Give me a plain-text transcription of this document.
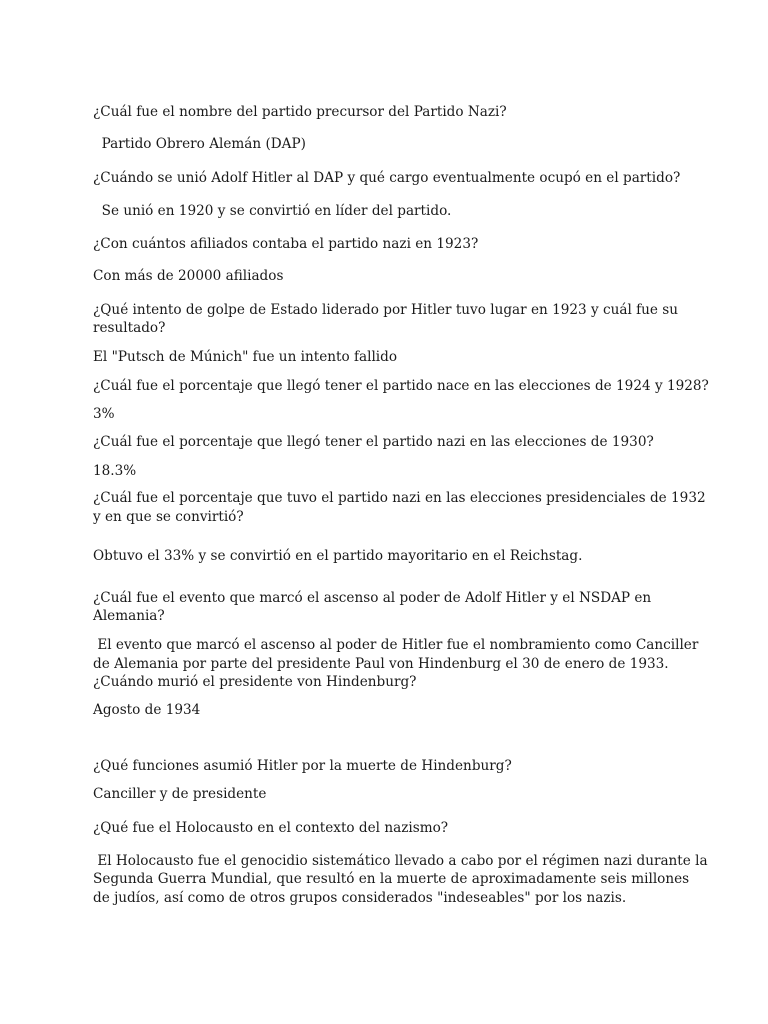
¿Cuál fue el nombre del partido precursor del Partido Nazi?
Partido Obrero Alemán (DAP)
¿Cuándo se unió Adolf Hitler al DAP y qué cargo eventualmente ocupó en el partido?
Se unió en 1920 y se convirtió en líder del partido.
¿Con cuántos afiliados contaba el partido nazi en 1923?
Con más de 20000 afiliados
¿Qué intento de golpe de Estado liderado por Hitler tuvo lugar en 1923 y cuál fue su
resultado?
El "Putsch de Múnich" fue un intento fallido
¿Cuál fue el porcentaje que llegó tener el partido nace en las elecciones de 1924 y 1928?
3%
¿Cuál fue el porcentaje que llegó tener el partido nazi en las elecciones de 1930?
18.3%
¿Cuál fue el porcentaje que tuvo el partido nazi en las elecciones presidenciales de 1932
y en que se convirtió?
Obtuvo el 33% y se convirtió en el partido mayoritario en el Reichstag.
¿Cuál fue el evento que marcó el ascenso al poder de Adolf Hitler y el NSDAP en
Alemania?
El evento que marcó el ascenso al poder de Hitler fue el nombramiento como Canciller
de Alemania por parte del presidente Paul von Hindenburg el 30 de enero de 1933.
¿Cuándo murió el presidente von Hindenburg?
Agosto de 1934
¿Qué funciones asumió Hitler por la muerte de Hindenburg?
Canciller y de presidente
¿Qué fue el Holocausto en el contexto del nazismo?
El Holocausto fue el genocidio sistemático llevado a cabo por el régimen nazi durante la
Segunda Guerra Mundial, que resultó en la muerte de aproximadamente seis millones
de judíos, así como de otros grupos considerados "indeseables" por los nazis.
